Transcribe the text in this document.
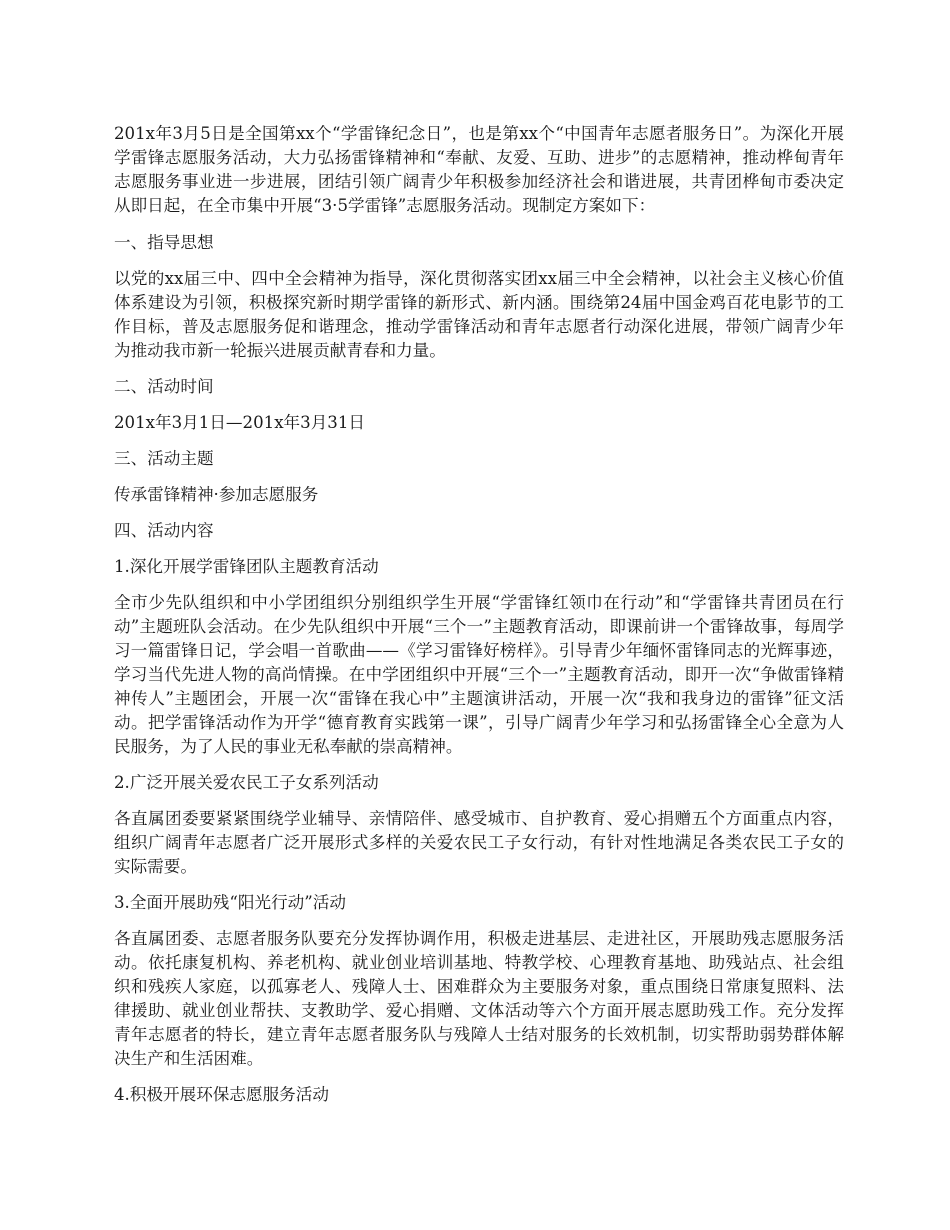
201x年3月5日是全国第xx个“学雷锋纪念日”，也是第xx个“中国青年志愿者服务日”。为深化开展学雷锋志愿服务活动，大力弘扬雷锋精神和“奉献、友爱、互助、进步”的志愿精神，推动桦甸青年志愿服务事业进一步进展，团结引领广阔青少年积极参加经济社会和谐进展，共青团桦甸市委决定从即日起，在全市集中开展“3·5学雷锋”志愿服务活动。现制定方案如下：

一、指导思想

以党的xx届三中、四中全会精神为指导，深化贯彻落实团xx届三中全会精神，以社会主义核心价值体系建设为引领，积极探究新时期学雷锋的新形式、新内涵。围绕第24届中国金鸡百花电影节的工作目标，普及志愿服务促和谐理念，推动学雷锋活动和青年志愿者行动深化进展，带领广阔青少年为推动我市新一轮振兴进展贡献青春和力量。

二、活动时间

201x年3月1日—201x年3月31日

三、活动主题

传承雷锋精神·参加志愿服务

四、活动内容

1.深化开展学雷锋团队主题教育活动

全市少先队组织和中小学团组织分别组织学生开展“学雷锋红领巾在行动”和“学雷锋共青团员在行动”主题班队会活动。在少先队组织中开展“三个一”主题教育活动，即课前讲一个雷锋故事，每周学习一篇雷锋日记，学会唱一首歌曲——《学习雷锋好榜样》。引导青少年缅怀雷锋同志的光辉事迹，学习当代先进人物的高尚情操。在中学团组织中开展“三个一”主题教育活动，即开一次“争做雷锋精神传人”主题团会，开展一次“雷锋在我心中”主题演讲活动，开展一次“我和我身边的雷锋”征文活动。把学雷锋活动作为开学“德育教育实践第一课”，引导广阔青少年学习和弘扬雷锋全心全意为人民服务，为了人民的事业无私奉献的崇高精神。

2.广泛开展关爱农民工子女系列活动

各直属团委要紧紧围绕学业辅导、亲情陪伴、感受城市、自护教育、爱心捐赠五个方面重点内容，组织广阔青年志愿者广泛开展形式多样的关爱农民工子女行动，有针对性地满足各类农民工子女的实际需要。

3.全面开展助残“阳光行动”活动

各直属团委、志愿者服务队要充分发挥协调作用，积极走进基层、走进社区，开展助残志愿服务活动。依托康复机构、养老机构、就业创业培训基地、特教学校、心理教育基地、助残站点、社会组织和残疾人家庭，以孤寡老人、残障人士、困难群众为主要服务对象，重点围绕日常康复照料、法律援助、就业创业帮扶、支教助学、爱心捐赠、文体活动等六个方面开展志愿助残工作。充分发挥青年志愿者的特长，建立青年志愿者服务队与残障人士结对服务的长效机制，切实帮助弱势群体解决生产和生活困难。

4.积极开展环保志愿服务活动
